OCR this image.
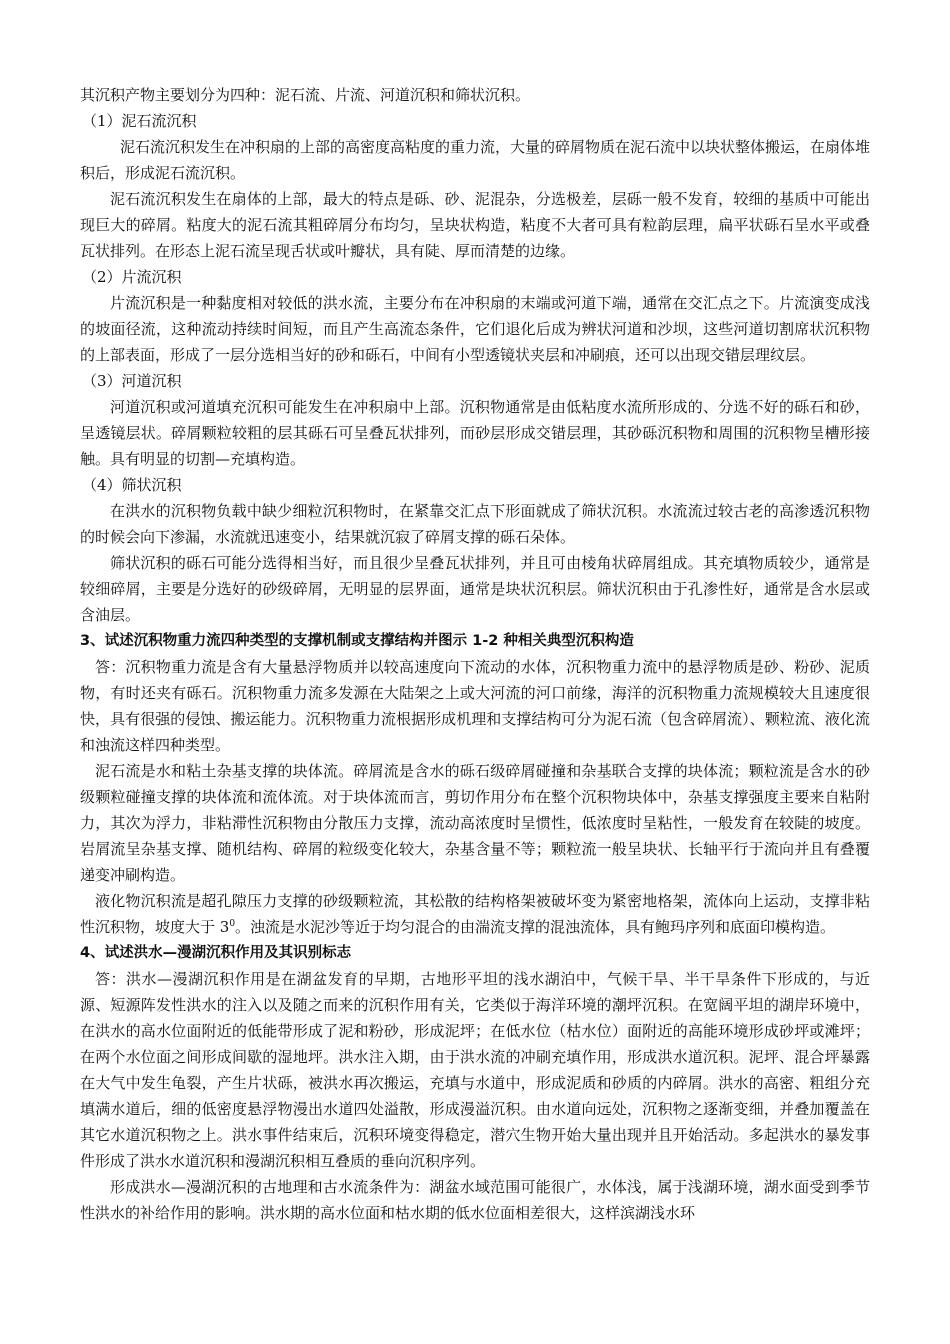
其沉积产物主要划分为四种：泥石流、片流、河道沉积和筛状沉积。

（1）泥石流沉积

泥石流沉积发生在冲积扇的上部的高密度高粘度的重力流，大量的碎屑物质在泥石流中以块状整体搬运，在扇体堆积后，形成泥石流沉积。

泥石流沉积发生在扇体的上部，最大的特点是砾、砂、泥混杂，分选极差，层砾一般不发育，较细的基质中可能出现巨大的碎屑。粘度大的泥石流其粗碎屑分布均匀，呈块状构造，粘度不大者可具有粒韵层理，扁平状砾石呈水平或叠瓦状排列。在形态上泥石流呈现舌状或叶瓣状，具有陡、厚而清楚的边缘。

（2）片流沉积

片流沉积是一种黏度相对较低的洪水流，主要分布在冲积扇的末端或河道下端，通常在交汇点之下。片流演变成浅的坡面径流，这种流动持续时间短，而且产生高流态条件，它们退化后成为辨状河道和沙坝，这些河道切割席状沉积物的上部表面，形成了一层分选相当好的砂和砾石，中间有小型透镜状夹层和冲刷痕，还可以出现交错层理纹层。

（3）河道沉积

河道沉积或河道填充沉积可能发生在冲积扇中上部。沉积物通常是由低粘度水流所形成的、分选不好的砾石和砂，呈透镜层状。碎屑颗粒较粗的层其砾石可呈叠瓦状排列，而砂层形成交错层理，其砂砾沉积物和周围的沉积物呈槽形接触。具有明显的切割—充填构造。

（4）筛状沉积

在洪水的沉积物负载中缺少细粒沉积物时，在紧靠交汇点下形面就成了筛状沉积。水流流过较古老的高渗透沉积物的时候会向下渗漏，水流就迅速变小，结果就沉寂了碎屑支撑的砾石朵体。

筛状沉积的砾石可能分选得相当好，而且很少呈叠瓦状排列，并且可由棱角状碎屑组成。其充填物质较少，通常是较细碎屑，主要是分选好的砂级碎屑，无明显的层界面，通常是块状沉积层。筛状沉积由于孔渗性好，通常是含水层或含油层。

3、试述沉积物重力流四种类型的支撑机制或支撑结构并图示 1-2 种相关典型沉积构造

答：沉积物重力流是含有大量悬浮物质并以较高速度向下流动的水体，沉积物重力流中的悬浮物质是砂、粉砂、泥质物，有时还夹有砾石。沉积物重力流多发源在大陆架之上或大河流的河口前缘，海洋的沉积物重力流规模较大且速度很快，具有很强的侵蚀、搬运能力。沉积物重力流根据形成机理和支撑结构可分为泥石流（包含碎屑流）、颗粒流、液化流和浊流这样四种类型。

泥石流是水和粘土杂基支撑的块体流。碎屑流是含水的砾石级碎屑碰撞和杂基联合支撑的块体流；颗粒流是含水的砂级颗粒碰撞支撑的块体流和流体流。对于块体流而言，剪切作用分布在整个沉积物块体中，杂基支撑强度主要来自粘附力，其次为浮力，非粘滞性沉积物由分散压力支撑，流动高浓度时呈惯性，低浓度时呈粘性，一般发育在较陡的坡度。岩屑流呈杂基支撑、随机结构、碎屑的粒级变化较大，杂基含量不等；颗粒流一般呈块状、长轴平行于流向并且有叠覆递变冲刷构造。

液化物沉积流是超孔隙压力支撑的砂级颗粒流，其松散的结构格架被破坏变为紧密地格架，流体向上运动，支撑非粘性沉积物，坡度大于 $3^0$。浊流是水泥沙等近于均匀混合的由湍流支撑的混浊流体，具有鲍玛序列和底面印模构造。

4、试述洪水—漫湖沉积作用及其识别标志

答：洪水—漫湖沉积作用是在湖盆发育的早期，古地形平坦的浅水湖泊中，气候干旱、半干旱条件下形成的，与近源、短源阵发性洪水的注入以及随之而来的沉积作用有关，它类似于海洋环境的潮坪沉积。在宽阔平坦的湖岸环境中，在洪水的高水位面附近的低能带形成了泥和粉砂，形成泥坪；在低水位（枯水位）面附近的高能环境形成砂坪或滩坪；在两个水位面之间形成间歇的湿地坪。洪水注入期，由于洪水流的冲刷充填作用，形成洪水道沉积。泥坪、混合坪暴露在大气中发生龟裂，产生片状砾，被洪水再次搬运，充填与水道中，形成泥质和砂质的内碎屑。洪水的高密、粗组分充填满水道后，细的低密度悬浮物漫出水道四处溢散，形成漫溢沉积。由水道向远处，沉积物之逐渐变细，并叠加覆盖在其它水道沉积物之上。洪水事件结束后，沉积环境变得稳定，潜穴生物开始大量出现并且开始活动。多起洪水的暴发事件形成了洪水水道沉积和漫湖沉积相互叠质的垂向沉积序列。

形成洪水—漫湖沉积的古地理和古水流条件为：湖盆水域范围可能很广，水体浅，属于浅湖环境，湖水面受到季节性洪水的补给作用的影响。洪水期的高水位面和枯水期的低水位面相差很大，这样滨湖浅水环
